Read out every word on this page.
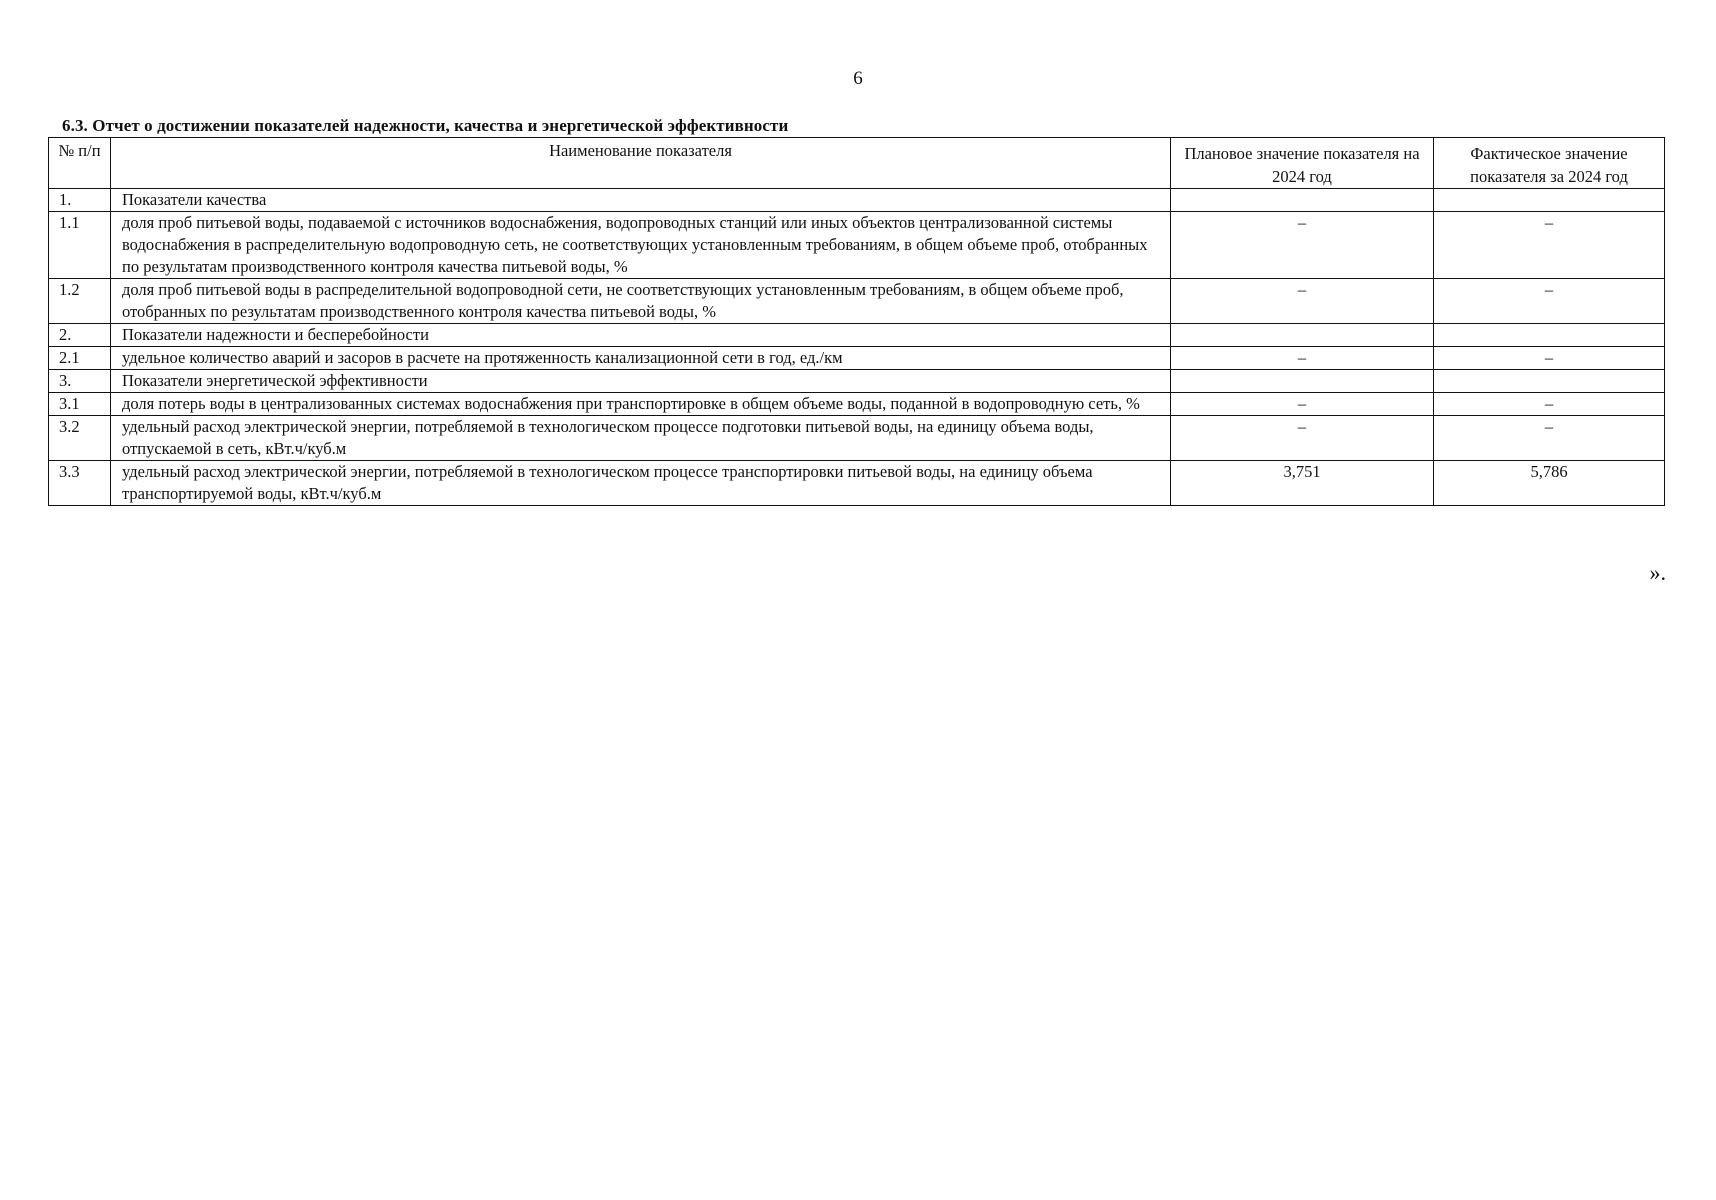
6
6.3. Отчет о достижении показателей надежности, качества и энергетической эффективности
№ п/п	Наименование показателя	Плановое значение показателя на 2024 год	Фактическое значение показателя за 2024 год
1.	Показатели качества		
1.1	доля проб питьевой воды, подаваемой с источников водоснабжения, водопроводных станций или иных объектов централизованной системы водоснабжения в распределительную водопроводную сеть, не соответствующих установленным требованиям, в общем объеме проб, отобранных по результатам производственного контроля качества питьевой воды, %	–	–
1.2	доля проб питьевой воды в распределительной водопроводной сети, не соответствующих установленным требованиям, в общем объеме проб, отобранных по результатам производственного контроля качества питьевой воды, %	–	–
2.	Показатели надежности и бесперебойности		
2.1	удельное количество аварий и засоров в расчете на протяженность канализационной сети в год, ед./км	–	–
3.	Показатели энергетической эффективности		
3.1	доля потерь воды в централизованных системах водоснабжения при транспортировке в общем объеме воды, поданной в водопроводную сеть, %	–	–
3.2	удельный расход электрической энергии, потребляемой в технологическом процессе подготовки питьевой воды, на единицу объема воды, отпускаемой в сеть, кВт.ч/куб.м	–	–
3.3	удельный расход электрической энергии, потребляемой в технологическом процессе транспортировки питьевой воды, на единицу объема транспортируемой воды, кВт.ч/куб.м	3,751	5,786
».
